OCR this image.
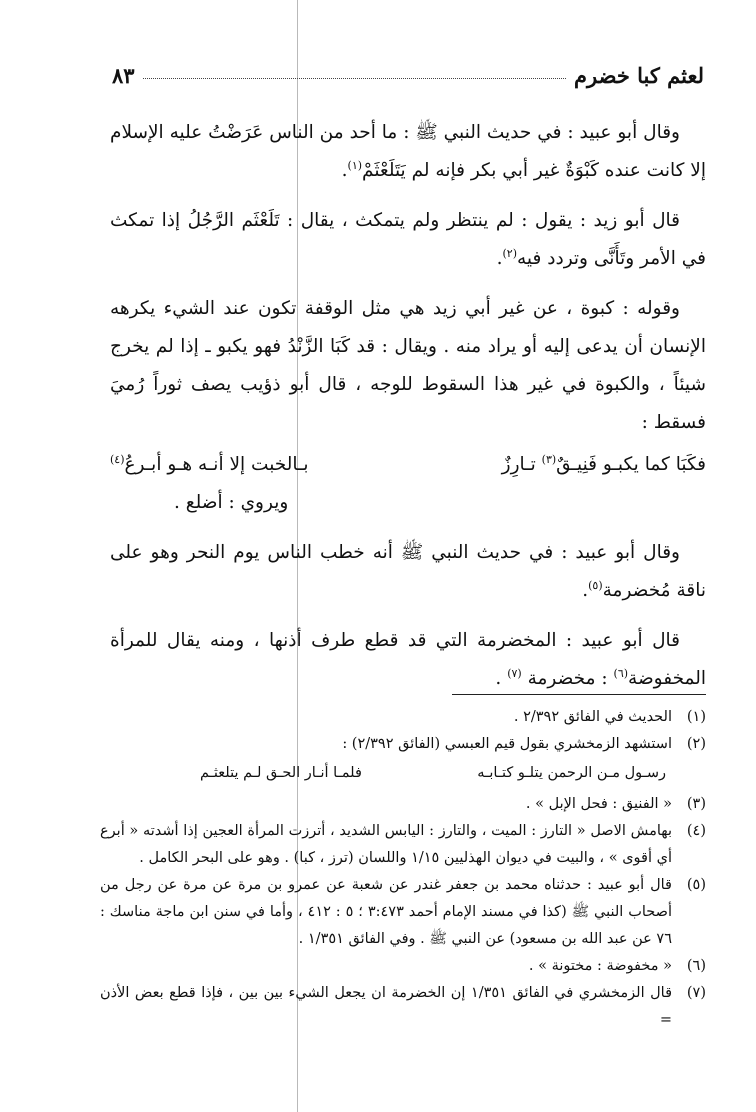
لعثم كبا خضرم
٨٣

وقال أبو عبيد : في حديث النبي ﷺ : ما أحد من الناس عَرَضْتُ عليه الإسلام إلا كانت عنده كَبْوَةٌ غير أبي بكر فإنه لم يَتَلَعْثَمْ$^{(١)}$.

قال أبو زيد : يقول : لم ينتظر ولم يتمكث ، يقال : تَلَعْثَم الرَّجُلُ إذا تمكث في الأمر وتَأَنَّى وتردد فيه$^{(٢)}$.

وقوله : كبوة ، عن غير أبي زيد هي مثل الوقفة تكون عند الشيء يكرهه الإنسان أن يدعى إليه أو يراد منه . ويقال : قد كَبَا الزَّنْدُ فهو يكبو ـ إذا لم يخرج شيئاً ، والكبوة في غير هذا السقوط للوجه ، قال أبو ذؤيب يصف ثوراً رُميَ فسقط :

فكَبَا كما يكبـو فَنِيـقٌ$^{(٣)}$ تـارِزٌ
بـالخبت إلا أنـه هـو أبـرعُ$^{(٤)}$
ويروي : أضلع .

وقال أبو عبيد : في حديث النبي ﷺ أنه خطب الناس يوم النحر وهو على ناقة مُخضرمة$^{(٥)}$.

قال أبو عبيد : المخضرمة التي قد قطع طرف أذنها ، ومنه يقال للمرأة المخفوضة$^{(٦)}$ : مخضرمة $^{(٧)}$ .

(١)
الحديث في الفائق ٢/٣٩٢ .
(٢)
استشهد الزمخشري بقول قيم العبسي (الفائق ٢/٣٩٢) :
رسـول مـن الرحمن يتلـو كتـابـه
فلمـا أنـار الحـق لـم يتلعثـم
(٣)
« الفنيق : فحل الإبل » .
(٤)
بهامش الاصل « التارز : الميت ، والتارز : اليابس الشديد ، أترزت المرأة العجين إذا أشدته « أبرع أي أقوى » ، والبيت في ديوان الهذليين ١/١٥ واللسان (ترز ، كبا) . وهو على البحر الكامل .
(٥)
قال أبو عبيد : حدثناه محمد بن جعفر غندر عن شعبة عن عمرو بن مرة عن مرة عن رجل من أصحاب النبي ﷺ (كذا في مسند الإمام أحمد ٣:٤٧٣ ؛ ٥ : ٤١٢ ، وأما في سنن ابن ماجة مناسك : ٧٦ عن عبد الله بن مسعود) عن النبي ﷺ . وفي الفائق ١/٣٥١ .
(٦)
« مخفوضة : مختونة » .
(٧)
قال الزمخشري في الفائق ١/٣٥١ إن الخضرمة ان يجعل الشيء بين بين ، فإذا قطع بعض الأذن =
